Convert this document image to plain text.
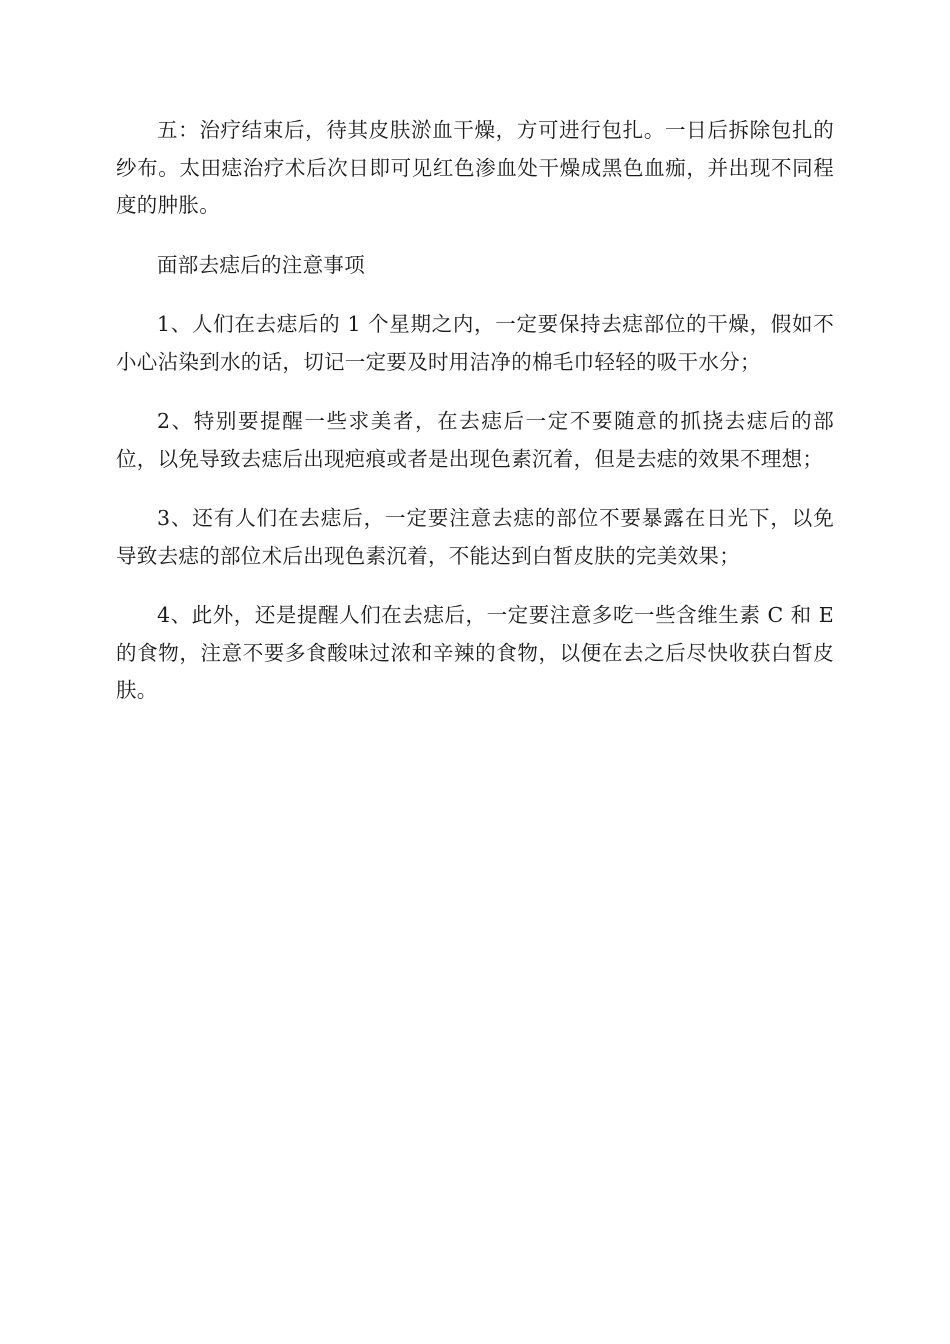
五：治疗结束后，待其皮肤淤血干燥，方可进行包扎。一日后拆除包扎的纱布。太田痣治疗术后次日即可见红色渗血处干燥成黑色血痂，并出现不同程度的肿胀。

面部去痣后的注意事项

1、人们在去痣后的 1 个星期之内，一定要保持去痣部位的干燥，假如不小心沾染到水的话，切记一定要及时用洁净的棉毛巾轻轻的吸干水分；

2、特别要提醒一些求美者，在去痣后一定不要随意的抓挠去痣后的部位，以免导致去痣后出现疤痕或者是出现色素沉着，但是去痣的效果不理想；

3、还有人们在去痣后，一定要注意去痣的部位不要暴露在日光下，以免导致去痣的部位术后出现色素沉着，不能达到白皙皮肤的完美效果；

4、此外，还是提醒人们在去痣后，一定要注意多吃一些含维生素 C 和 E 的食物，注意不要多食酸味过浓和辛辣的食物，以便在去之后尽快收获白皙皮肤。
